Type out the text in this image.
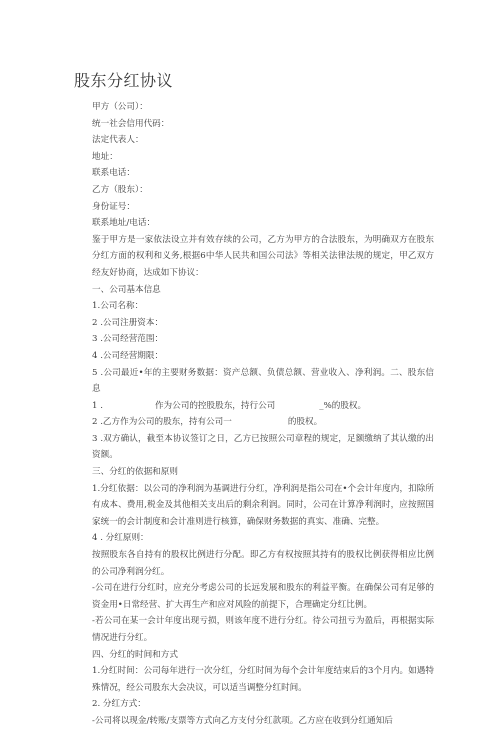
股东分红协议

甲方（公司）：

统一社会信用代码：

法定代表人：

地址：

联系电话：

乙方（股东）：

身份证号：

联系地址/电话：

鉴于甲方是一家依法设立并有效存续的公司，乙方为甲方的合法股东，为明确双方在股东分红方面的权利和义务,根据6中华人民共和国公司法》等相关法律法规的规定，甲乙双方经友好协商，达成如下协议：

一、公司基本信息

1.公司名称：

2 .公司注册资本：

3 .公司经营范围：

4 .公司经营期限：

5 .公司最近•年的主要财务数据：资产总额、负债总额、营业收入、净利润。二、股东信息

1 .	作为公司的控股股东，持行公司	_%的股权。

2 .乙方作为公司的股东，持有公司一	的股权。

3 .双方确认，截至本协议签订之日，乙方已按照公司章程的规定，足额缴纳了其认缴的出资额。

三、分红的依据和原则

1.分红依据：以公司的净利润为基调进行分红，净利润是指公司在•个会计年度内，扣除所有成本、费用,税金及其他相关支出后的剩余利润。同时，公司在计算净利润时，应按照国家统一的会计制度和会计准则进行核算，确保财务数据的真实、准确、完整。

4 . 分红原则：

按照股东各自持有的股权比例进行分配。即乙方有权按照其持有的股权比例获得相应比例的公司净利润分红。

-公司在进行分红时，应充分考虑公司的长远发展和股东的利益平衡。在确保公司有足够的资金用•日常经营、扩大再生产和应对风险的前提下，合理确定分红比例。

-若公司在某一会计年度出现亏损，则该年度不进行分红。待公司扭亏为盈后，再根据实际情况进行分红。

四、分红的时间和方式

1.分红时间：公司每年进行一次分红，分红时间为每个会计年度结束后的3个月内。如遇特殊情况，经公司股东大会决议，可以适当调整分红时间。

2. 分红方式：

-公司将以现金/转账/支票等方式向乙方支付分红款项。乙方应在收到分红通知后
